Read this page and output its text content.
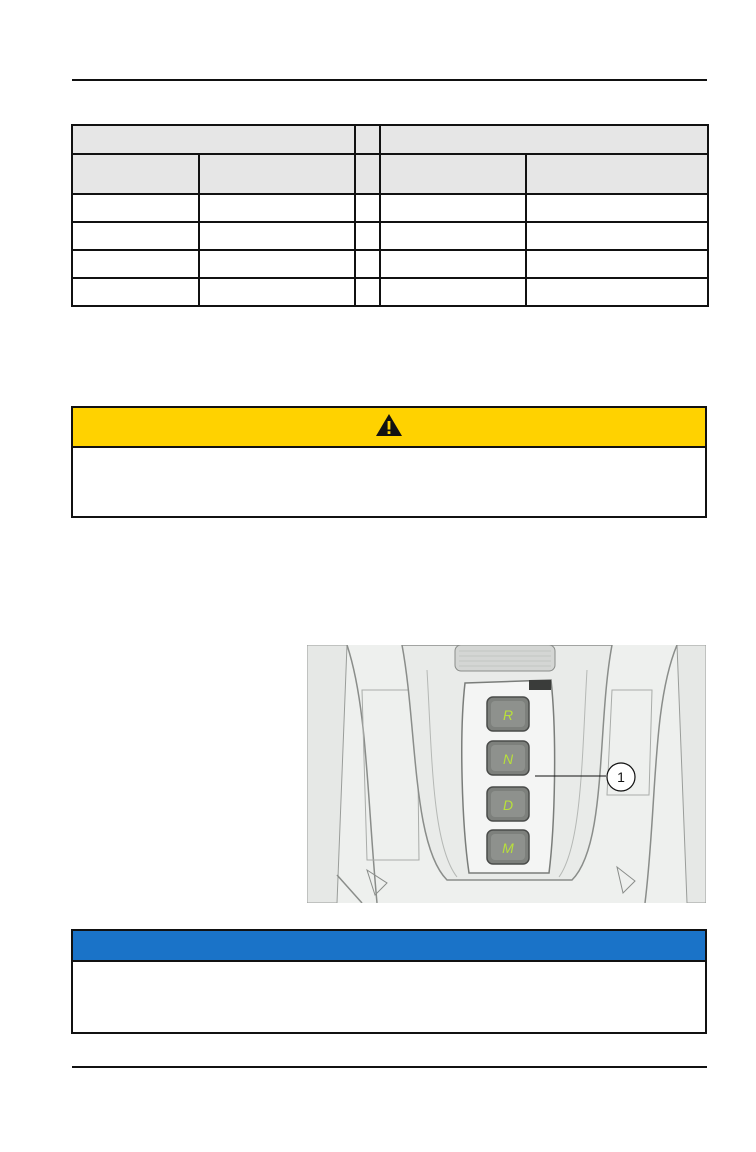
R
N
D
M
1
